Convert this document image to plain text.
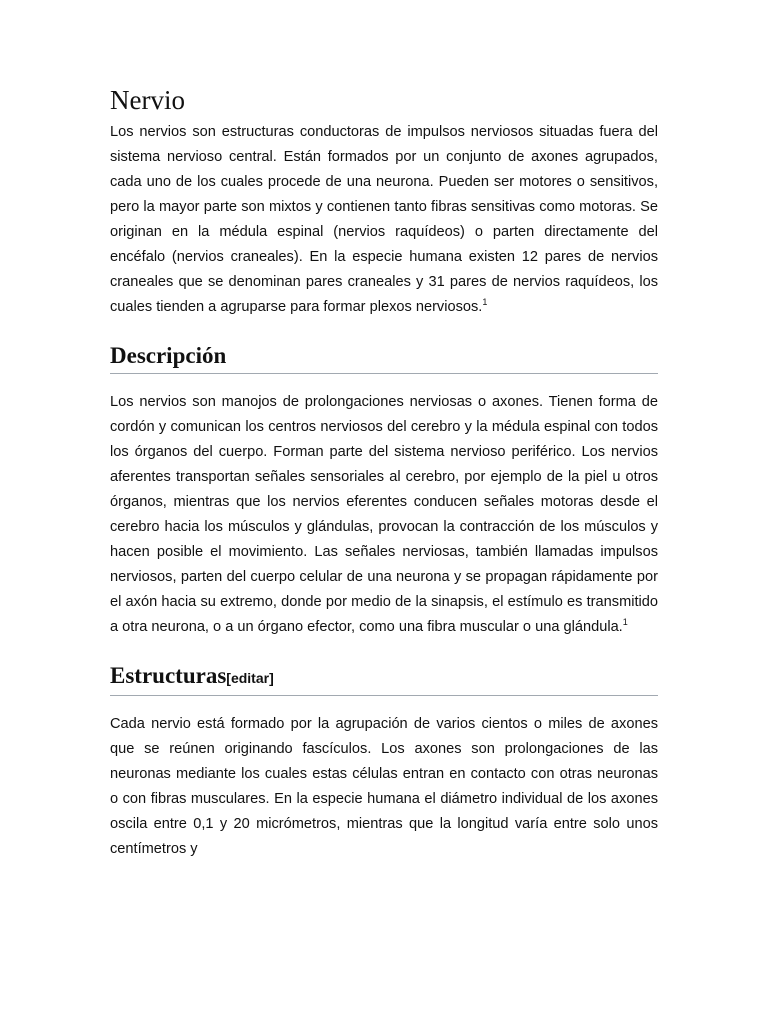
Nervio

Los nervios son estructuras conductoras de impulsos nerviosos situadas fuera del sistema nervioso central. Están formados por un conjunto de axones agrupados, cada uno de los cuales procede de una neurona. Pueden ser motores o sensitivos, pero la mayor parte son mixtos y contienen tanto fibras sensitivas como motoras. Se originan en la médula espinal (nervios raquídeos) o parten directamente del encéfalo (nervios craneales). En la especie humana existen 12 pares de nervios craneales que se denominan pares craneales y 31 pares de nervios raquídeos, los cuales tienden a agruparse para formar plexos nerviosos.$^1$

Descripción

Los nervios son manojos de prolongaciones nerviosas o axones. Tienen forma de cordón y comunican los centros nerviosos del cerebro y la médula espinal con todos los órganos del cuerpo. Forman parte del sistema nervioso periférico. Los nervios aferentes transportan señales sensoriales al cerebro, por ejemplo de la piel u otros órganos, mientras que los nervios eferentes conducen señales motoras desde el cerebro hacia los músculos y glándulas, provocan la contracción de los músculos y hacen posible el movimiento. Las señales nerviosas, también llamadas impulsos nerviosos, parten del cuerpo celular de una neurona y se propagan rápidamente por el axón hacia su extremo, donde por medio de la sinapsis, el estímulo es transmitido a otra neurona, o a un órgano efector, como una fibra muscular o una glándula.$^1$

Estructuras[editar]

Cada nervio está formado por la agrupación de varios cientos o miles de axones que se reúnen originando fascículos. Los axones son prolongaciones de las neuronas mediante los cuales estas células entran en contacto con otras neuronas o con fibras musculares. En la especie humana el diámetro individual de los axones oscila entre 0,1 y 20 micrómetros, mientras que la longitud varía entre solo unos centímetros y
